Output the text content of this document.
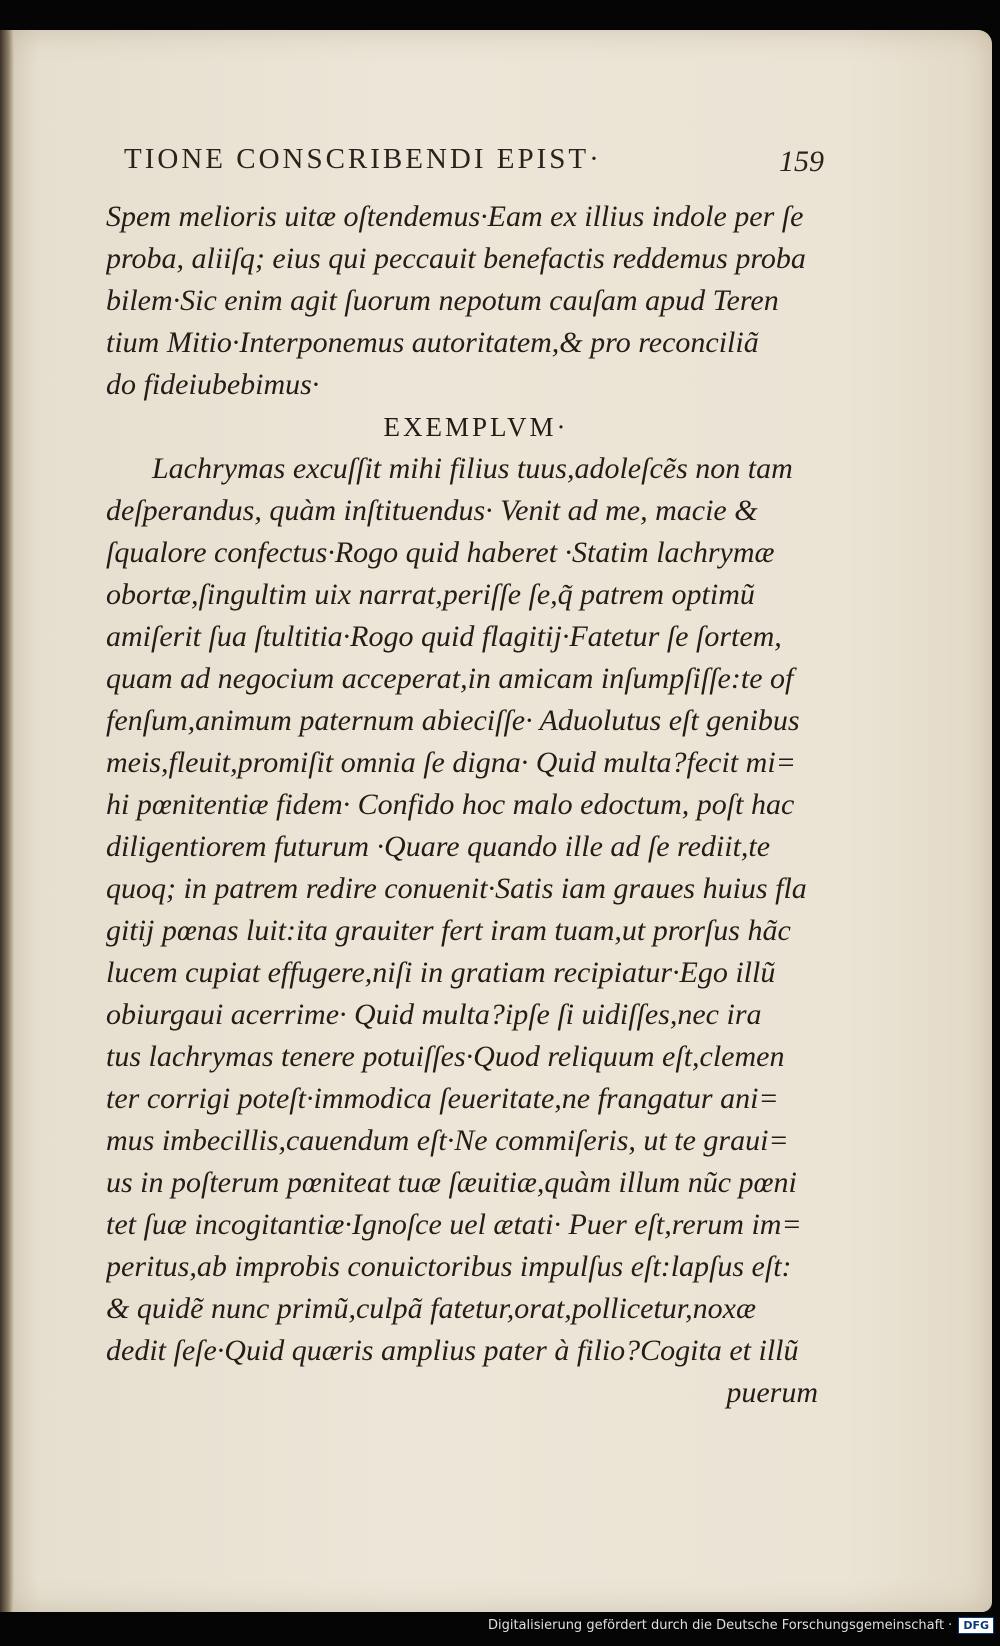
TIONE CONSCRIBENDI EPIST·	159
Spem melioris uitæ oſtendemus·Eam ex illius indole per ſe
proba, aliiſq; eius qui peccauit benefactis reddemus proba
bilem·Sic enim agit ſuorum nepotum cauſam apud Teren
tium Mitio·Interponemus autoritatem,& pro reconciliã
do fideiubebimus·
EXEMPLVM·
Lachrymas excuſſit mihi filius tuus,adoleſcẽs non tam
deſperandus, quàm inſtituendus· Venit ad me, macie &
ſqualore confectus·Rogo quid haberet ·Statim lachrymæ
obortæ,ſingultim uix narrat,periſſe ſe,q̃ patrem optimũ
amiſerit ſua ſtultitia·Rogo quid flagitij·Fatetur ſe ſortem,
quam ad negocium acceperat,in amicam inſumpſiſſe:te of
fenſum,animum paternum abieciſſe· Aduolutus eſt genibus
meis,fleuit,promiſit omnia ſe digna· Quid multa?fecit mi=
hi pœnitentiæ fidem· Confido hoc malo edoctum, poſt hac
diligentiorem futurum ·Quare quando ille ad ſe rediit,te
quoq; in patrem redire conuenit·Satis iam graues huius fla
gitij pœnas luit:ita grauiter fert iram tuam,ut prorſus hãc
lucem cupiat effugere,niſi in gratiam recipiatur·Ego illũ
obiurgaui acerrime· Quid multa?ipſe ſi uidiſſes,nec ira
tus lachrymas tenere potuiſſes·Quod reliquum eſt,clemen
ter corrigi poteſt·immodica ſeueritate,ne frangatur ani=
mus imbecillis,cauendum eſt·Ne commiſeris, ut te graui=
us in poſterum pœniteat tuæ ſæuitiæ,quàm illum nũc pœni
tet ſuæ incogitantiæ·Ignoſce uel ætati· Puer eſt,rerum im=
peritus,ab improbis conuictoribus impulſus eſt:lapſus eſt:
& quidẽ nunc primũ,culpã fatetur,orat,pollicetur,noxæ
dedit ſeſe·Quid quæris amplius pater à filio?Cogita et illũ
puerum
Digitalisierung gefördert durch die Deutsche Forschungsgemeinschaft ·	DFG
